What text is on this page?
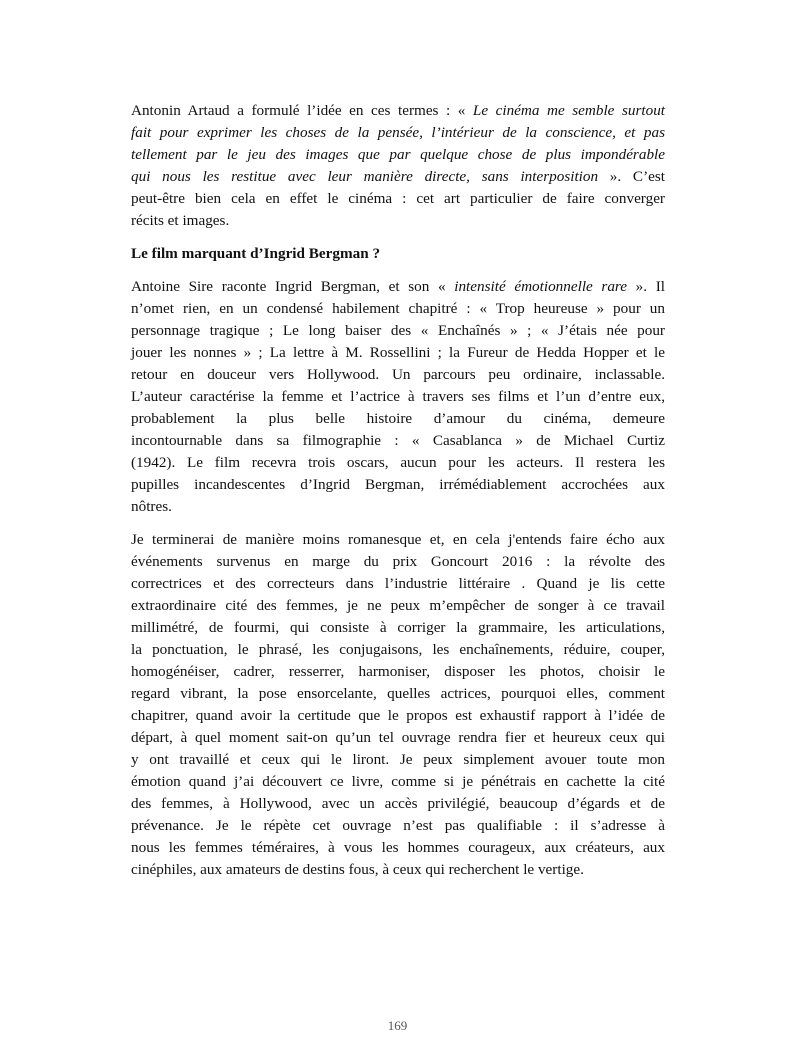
Antonin Artaud a formulé l’idée en ces termes : « Le cinéma me semble surtout
fait pour exprimer les choses de la pensée, l’intérieur de la conscience, et pas
tellement par le jeu des images que par quelque chose de plus impondérable
qui nous les restitue avec leur manière directe, sans interposition ». C’est
peut-être bien cela en effet le cinéma : cet art particulier de faire converger
récits et images.
Le film marquant d’Ingrid Bergman ?
Antoine Sire raconte Ingrid Bergman, et son « intensité émotionnelle rare ». Il
n’omet rien, en un condensé habilement chapitré : « Trop heureuse » pour un
personnage tragique ; Le long baiser des « Enchaînés » ; « J’étais née pour
jouer les nonnes » ; La lettre à M. Rossellini ; la Fureur de Hedda Hopper et le
retour en douceur vers Hollywood. Un parcours peu ordinaire, inclassable.
L’auteur caractérise la femme et l’actrice à travers ses films et l’un d’entre eux,
probablement la plus belle histoire d’amour du cinéma, demeure
incontournable dans sa filmographie : « Casablanca » de Michael Curtiz
(1942). Le film recevra trois oscars, aucun pour les acteurs. Il restera les
pupilles incandescentes d’Ingrid Bergman, irrémédiablement accrochées aux
nôtres.
Je terminerai de manière moins romanesque et, en cela j'entends faire écho aux
événements survenus en marge du prix Goncourt 2016 : la révolte des
correctrices et des correcteurs dans l’industrie littéraire . Quand je lis cette
extraordinaire cité des femmes, je ne peux m’empêcher de songer à ce travail
millimétré, de fourmi, qui consiste à corriger la grammaire, les articulations,
la ponctuation, le phrasé, les conjugaisons, les enchaînements, réduire, couper,
homogénéiser, cadrer, resserrer, harmoniser, disposer les photos, choisir le
regard vibrant, la pose ensorcelante, quelles actrices, pourquoi elles, comment
chapitrer, quand avoir la certitude que le propos est exhaustif rapport à l’idée de
départ, à quel moment sait-on qu’un tel ouvrage rendra fier et heureux ceux qui
y ont travaillé et ceux qui le liront. Je peux simplement avouer toute mon
émotion quand j’ai découvert ce livre, comme si je pénétrais en cachette la cité
des femmes, à Hollywood, avec un accès privilégié, beaucoup d’égards et de
prévenance. Je le répète cet ouvrage n’est pas qualifiable : il s’adresse à
nous les femmes téméraires, à vous les hommes courageux, aux créateurs, aux
cinéphiles, aux amateurs de destins fous, à ceux qui recherchent le vertige.
169
